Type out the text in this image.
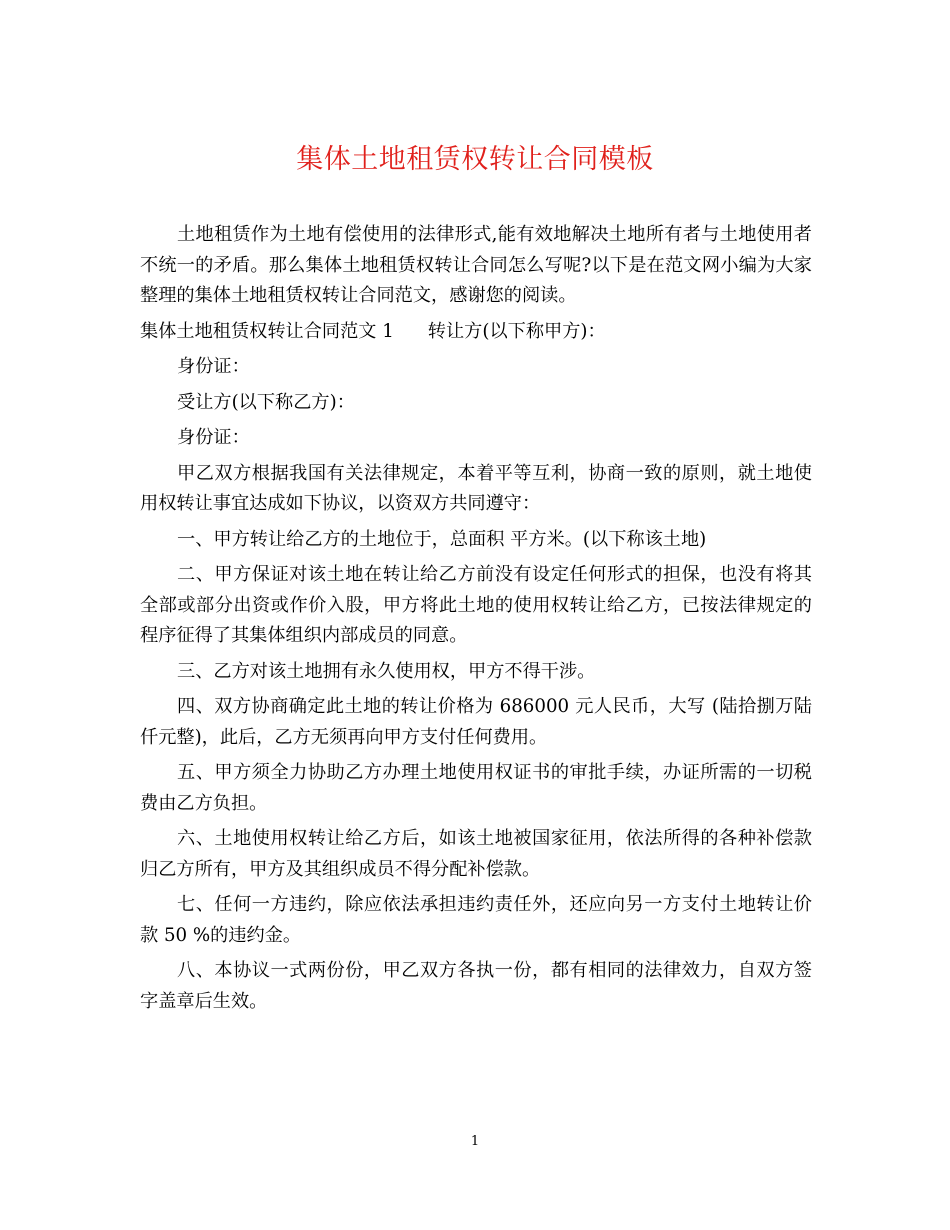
集体土地租赁权转让合同模板

土地租赁作为土地有偿使用的法律形式,能有效地解决土地所有者与土地使用者不统一的矛盾。那么集体土地租赁权转让合同怎么写呢?以下是在范文网小编为大家整理的集体土地租赁权转让合同范文，感谢您的阅读。

集体土地租赁权转让合同范文 1 转让方(以下称甲方)：

身份证：

受让方(以下称乙方)：

身份证：

甲乙双方根据我国有关法律规定，本着平等互利，协商一致的原则，就土地使用权转让事宜达成如下协议，以资双方共同遵守：

一、甲方转让给乙方的土地位于，总面积 平方米。(以下称该土地)

二、甲方保证对该土地在转让给乙方前没有设定任何形式的担保，也没有将其全部或部分出资或作价入股，甲方将此土地的使用权转让给乙方，已按法律规定的程序征得了其集体组织内部成员的同意。

三、乙方对该土地拥有永久使用权，甲方不得干涉。

四、双方协商确定此土地的转让价格为 686000 元人民币，大写 (陆拾捌万陆仟元整)，此后，乙方无须再向甲方支付任何费用。

五、甲方须全力协助乙方办理土地使用权证书的审批手续，办证所需的一切税费由乙方负担。

六、土地使用权转让给乙方后，如该土地被国家征用，依法所得的各种补偿款归乙方所有，甲方及其组织成员不得分配补偿款。

七、任何一方违约，除应依法承担违约责任外，还应向另一方支付土地转让价款 50 %的违约金。

八、本协议一式两份份，甲乙双方各执一份，都有相同的法律效力，自双方签字盖章后生效。

1
